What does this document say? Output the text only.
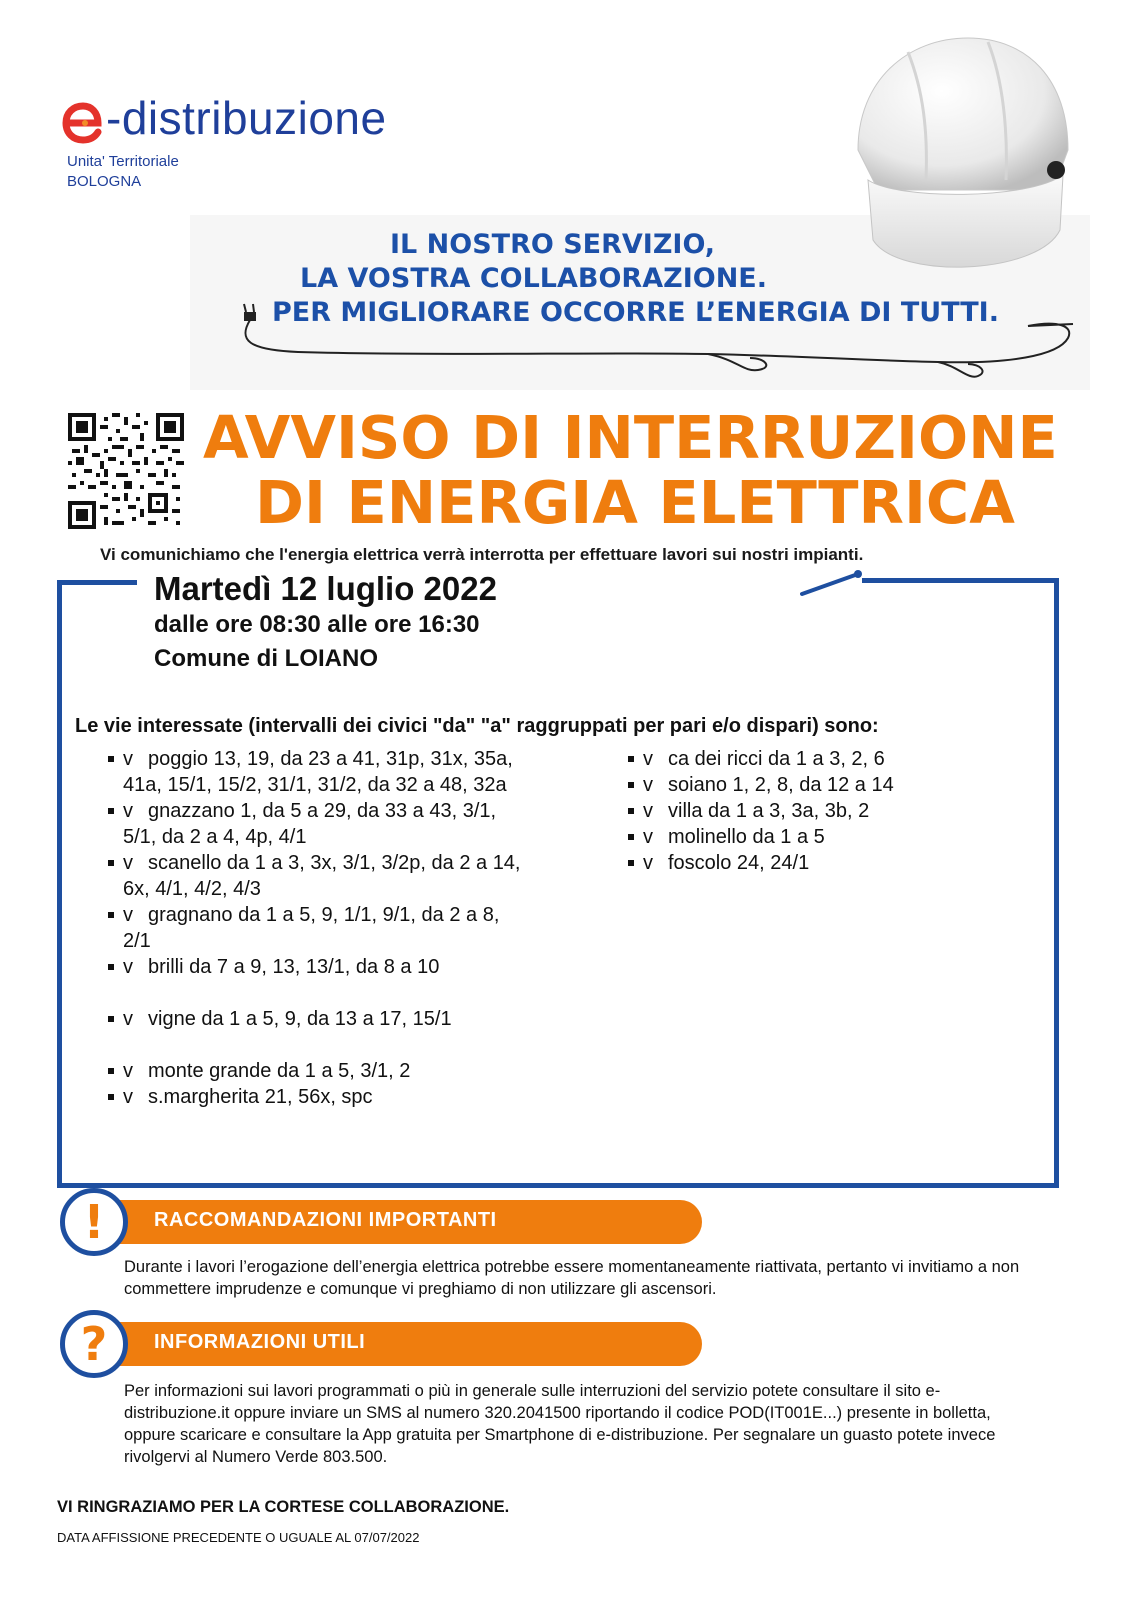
-distribuzione
Unita' Territoriale
BOLOGNA
IL NOSTRO SERVIZIO,
LA VOSTRA COLLABORAZIONE.
PER MIGLIORARE OCCORRE L’ENERGIA DI TUTTI.
AVVISO DI INTERRUZIONE
DI ENERGIA ELETTRICA
Vi comunichiamo che l'energia elettrica verrà interrotta per effettuare lavori sui nostri impianti.
Martedì 12 luglio 2022
dalle ore 08:30 alle ore 16:30
Comune di LOIANO
Le vie interessate (intervalli dei civici "da" "a" raggruppati per pari e/o dispari) sono:
v poggio 13, 19, da 23 a 41, 31p, 31x, 35a, 41a, 15/1, 15/2, 31/1, 31/2, da 32 a 48, 32a
v gnazzano 1, da 5 a 29, da 33 a 43, 3/1, 5/1, da 2 a 4, 4p, 4/1
v scanello da 1 a 3, 3x, 3/1, 3/2p, da 2 a 14, 6x, 4/1, 4/2, 4/3
v gragnano da 1 a 5, 9, 1/1, 9/1, da 2 a 8, 2/1
v brilli da 7 a 9, 13, 13/1, da 8 a 10
v vigne da 1 a 5, 9, da 13 a 17, 15/1
v monte grande da 1 a 5, 3/1, 2
v s.margherita 21, 56x, spc
v ca dei ricci da 1 a 3, 2, 6
v soiano 1, 2, 8, da 12 a 14
v villa da 1 a 3, 3a, 3b, 2
v molinello da 1 a 5
v foscolo 24, 24/1
RACCOMANDAZIONI IMPORTANTI
!
Durante i lavori l’erogazione dell’energia elettrica potrebbe essere momentaneamente riattivata, pertanto vi invitiamo a non commettere imprudenze e comunque vi preghiamo di non utilizzare gli ascensori.
INFORMAZIONI UTILI
?
Per informazioni sui lavori programmati o più in generale sulle interruzioni del servizio potete consultare il sito e-distribuzione.it oppure inviare un SMS al numero 320.2041500 riportando il codice POD(IT001E...) presente in bolletta, oppure scaricare e consultare la App gratuita per Smartphone di e-distribuzione. Per segnalare un guasto potete invece rivolgervi al Numero Verde 803.500.
VI RINGRAZIAMO PER LA CORTESE COLLABORAZIONE.
DATA AFFISSIONE PRECEDENTE O UGUALE AL 07/07/2022
